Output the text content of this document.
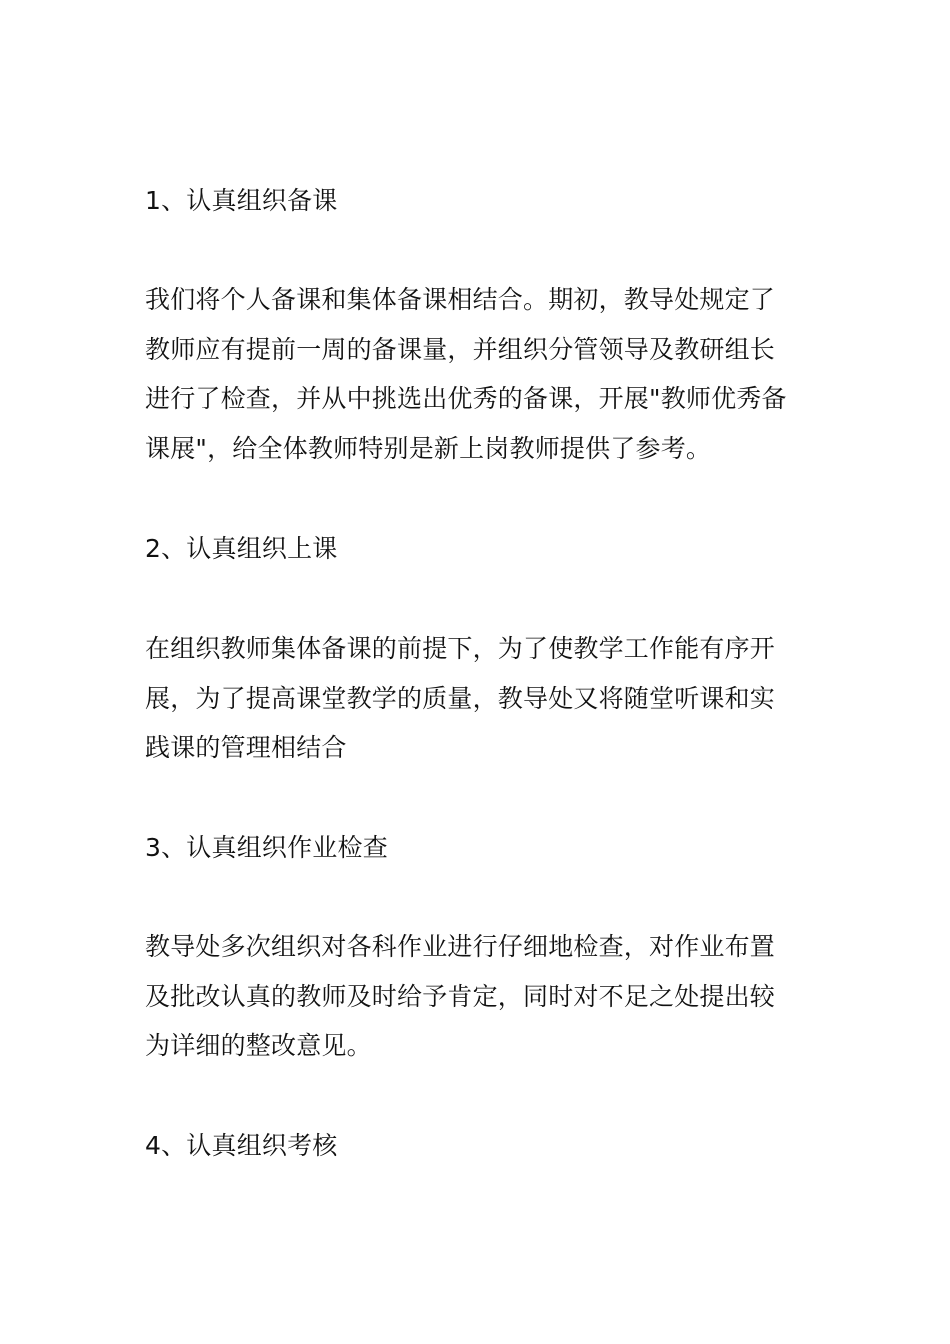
1、认真组织备课

我们将个人备课和集体备课相结合。期初，教导处规定了
教师应有提前一周的备课量，并组织分管领导及教研组长
进行了检查，并从中挑选出优秀的备课，开展"教师优秀备
课展"，给全体教师特别是新上岗教师提供了参考。

2、认真组织上课

在组织教师集体备课的前提下，为了使教学工作能有序开
展，为了提高课堂教学的质量，教导处又将随堂听课和实
践课的管理相结合

3、认真组织作业检查

教导处多次组织对各科作业进行仔细地检查，对作业布置
及批改认真的教师及时给予肯定，同时对不足之处提出较
为详细的整改意见。

4、认真组织考核
